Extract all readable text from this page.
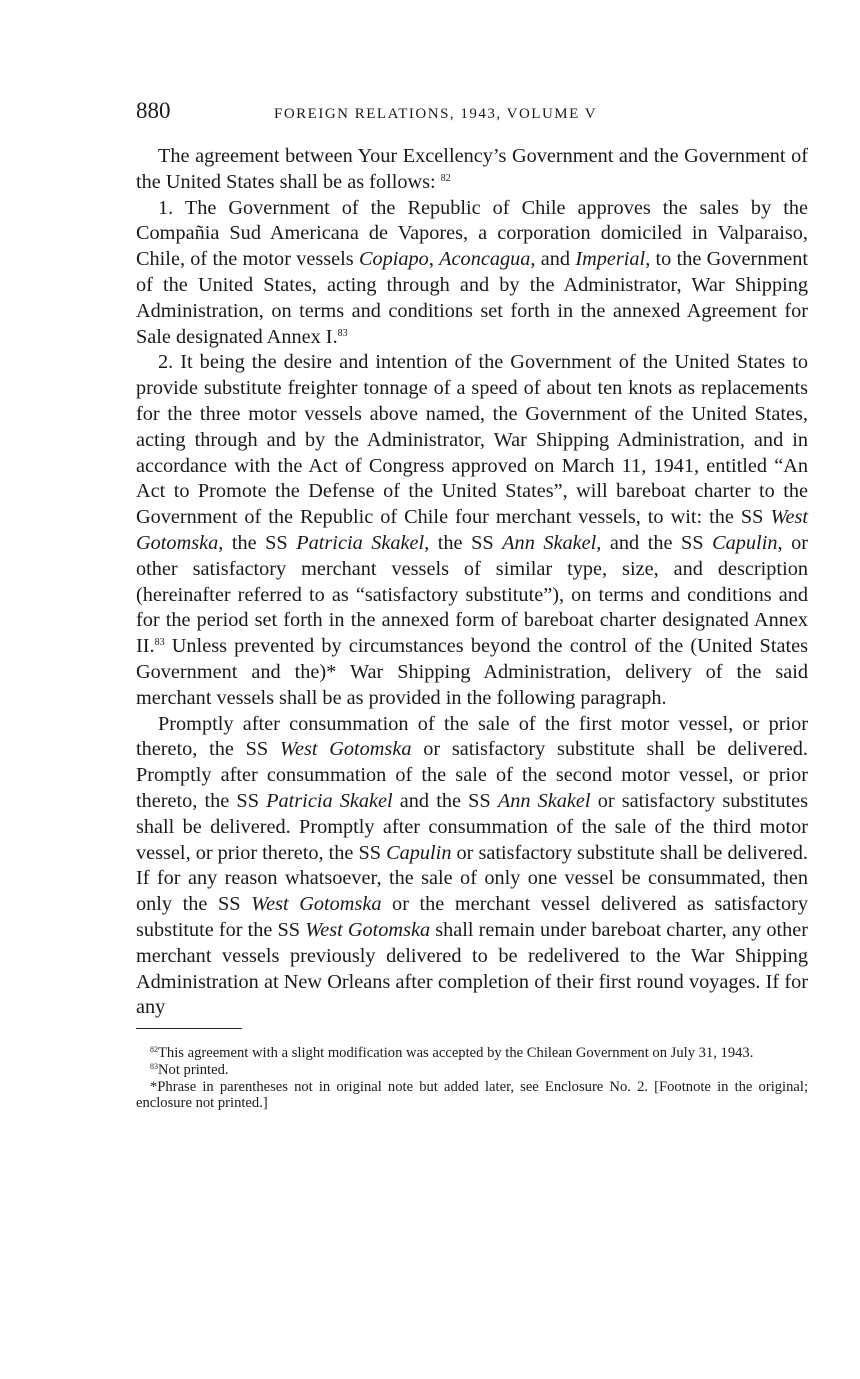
880	FOREIGN RELATIONS, 1943, VOLUME V

The agreement between Your Excellency’s Government and the Government of the United States shall be as follows: $^{82}$

1. The Government of the Republic of Chile approves the sales by the Compañia Sud Americana de Vapores, a corporation domiciled in Valparaiso, Chile, of the motor vessels Copiapo, Aconcagua, and Imperial, to the Government of the United States, acting through and by the Administrator, War Shipping Administration, on terms and conditions set forth in the annexed Agreement for Sale designated Annex I.$^{83}$

2. It being the desire and intention of the Government of the United States to provide substitute freighter tonnage of a speed of about ten knots as replacements for the three motor vessels above named, the Government of the United States, acting through and by the Administrator, War Shipping Administration, and in accordance with the Act of Congress approved on March 11, 1941, entitled “An Act to Promote the Defense of the United States”, will bareboat charter to the Government of the Republic of Chile four merchant vessels, to wit: the SS West Gotomska, the SS Patricia Skakel, the SS Ann Skakel, and the SS Capulin, or other satisfactory merchant vessels of similar type, size, and description (hereinafter referred to as “satisfactory substitute”), on terms and conditions and for the period set forth in the annexed form of bareboat charter designated Annex II.$^{83}$ Unless prevented by circumstances beyond the control of the (United States Government and the)* War Shipping Administration, delivery of the said merchant vessels shall be as provided in the following paragraph.

Promptly after consummation of the sale of the first motor vessel, or prior thereto, the SS West Gotomska or satisfactory substitute shall be delivered. Promptly after consummation of the sale of the second motor vessel, or prior thereto, the SS Patricia Skakel and the SS Ann Skakel or satisfactory substitutes shall be delivered. Promptly after consummation of the sale of the third motor vessel, or prior thereto, the SS Capulin or satisfactory substitute shall be delivered. If for any reason whatsoever, the sale of only one vessel be consummated, then only the SS West Gotomska or the merchant vessel delivered as satisfactory substitute for the SS West Gotomska shall remain under bareboat charter, any other merchant vessels previously delivered to be redelivered to the War Shipping Administration at New Orleans after completion of their first round voyages. If for any

$^{82}$This agreement with a slight modification was accepted by the Chilean Government on July 31, 1943.

$^{83}$Not printed.

*Phrase in parentheses not in original note but added later, see Enclosure No. 2. [Footnote in the original; enclosure not printed.]
